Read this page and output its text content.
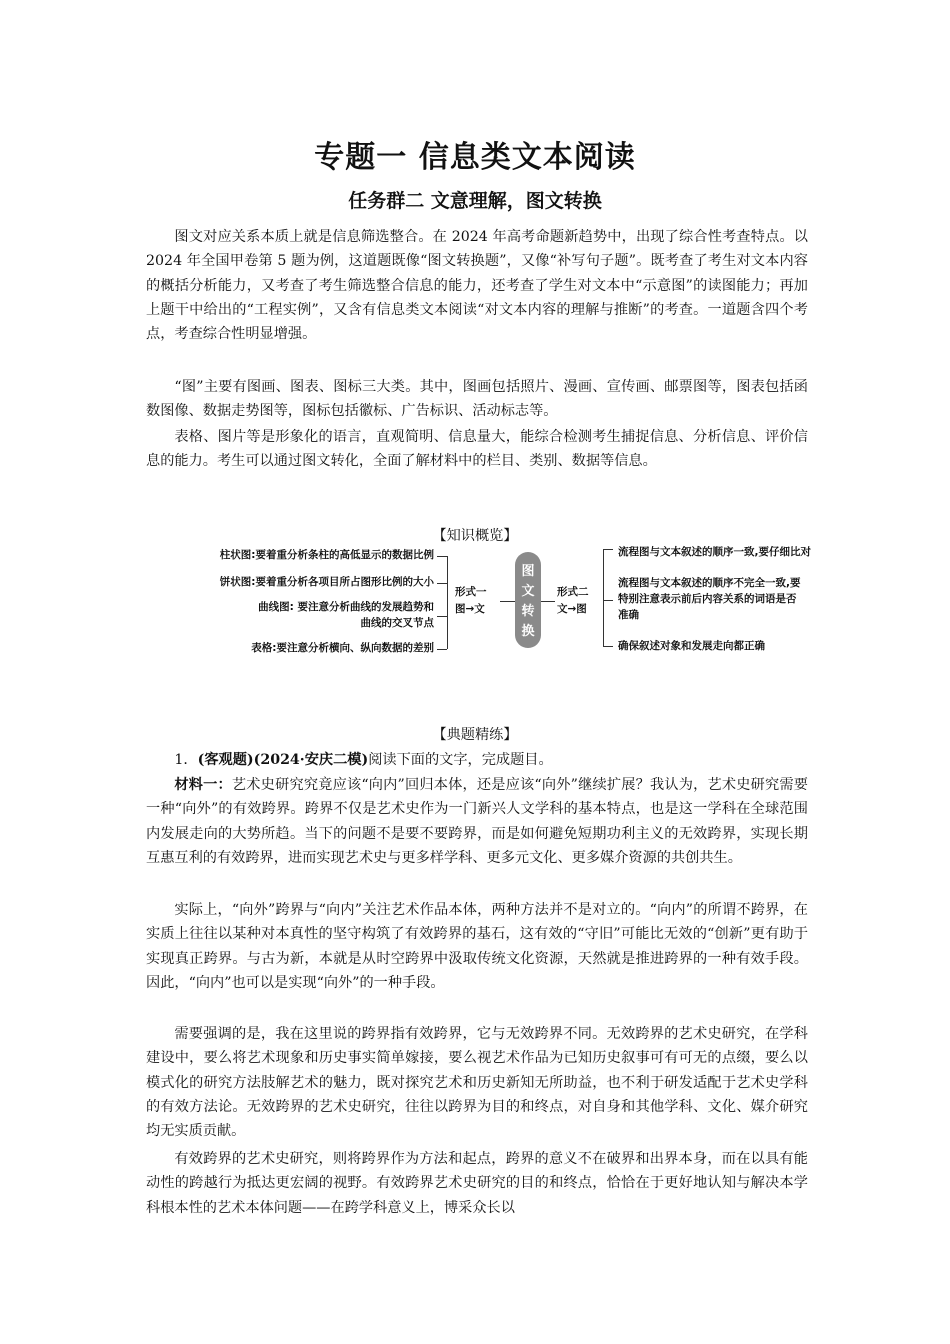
专题一 信息类文本阅读
任务群二 文意理解，图文转换

图文对应关系本质上就是信息筛选整合。在 2024 年高考命题新趋势中，出现了综合性考查特点。以 2024 年全国甲卷第 5 题为例，这道题既像“图文转换题”，又像“补写句子题”。既考查了考生对文本内容的概括分析能力，又考查了考生筛选整合信息的能力，还考查了学生对文本中“示意图”的读图能力；再加上题干中给出的“工程实例”，又含有信息类文本阅读“对文本内容的理解与推断”的考查。一道题含四个考点，考查综合性明显增强。

“图”主要有图画、图表、图标三大类。其中，图画包括照片、漫画、宣传画、邮票图等，图表包括函数图像、数据走势图等，图标包括徽标、广告标识、活动标志等。

表格、图片等是形象化的语言，直观简明、信息量大，能综合检测考生捕捉信息、分析信息、评价信息的能力。考生可以通过图文转化，全面了解材料中的栏目、类别、数据等信息。

【知识概览】

柱状图:要着重分析条柱的高低显示的数据比例

饼状图:要着重分析各项目所占图形比例的大小

曲线图: 要注意分析曲线的发展趋势和

曲线的交叉节点

表格:要注意分析横向、纵向数据的差别

形式一

图→文

图
文
转
换

形式二

文→图

流程图与文本叙述的顺序一致,要仔细比对

流程图与文本叙述的顺序不完全一致,要

特别注意表示前后内容关系的词语是否

准确

确保叙述对象和发展走向都正确

【典题精练】

1．(客观题)(2024·安庆二模)阅读下面的文字，完成题目。

材料一：艺术史研究究竟应该“向内”回归本体，还是应该“向外”继续扩展？我认为，艺术史研究需要一种“向外”的有效跨界。跨界不仅是艺术史作为一门新兴人文学科的基本特点，也是这一学科在全球范围内发展走向的大势所趋。当下的问题不是要不要跨界，而是如何避免短期功利主义的无效跨界，实现长期互惠互利的有效跨界，进而实现艺术史与更多样学科、更多元文化、更多媒介资源的共创共生。

实际上，“向外”跨界与“向内”关注艺术作品本体，两种方法并不是对立的。“向内”的所谓不跨界，在实质上往往以某种对本真性的坚守构筑了有效跨界的基石，这有效的“守旧”可能比无效的“创新”更有助于实现真正跨界。与古为新，本就是从时空跨界中汲取传统文化资源，天然就是推进跨界的一种有效手段。因此，“向内”也可以是实现“向外”的一种手段。

需要强调的是，我在这里说的跨界指有效跨界，它与无效跨界不同。无效跨界的艺术史研究，在学科建设中，要么将艺术现象和历史事实简单嫁接，要么视艺术作品为已知历史叙事可有可无的点缀，要么以模式化的研究方法肢解艺术的魅力，既对探究艺术和历史新知无所助益，也不利于研发适配于艺术史学科的有效方法论。无效跨界的艺术史研究，往往以跨界为目的和终点，对自身和其他学科、文化、媒介研究均无实质贡献。

有效跨界的艺术史研究，则将跨界作为方法和起点，跨界的意义不在破界和出界本身，而在以具有能动性的跨越行为抵达更宏阔的视野。有效跨界艺术史研究的目的和终点，恰恰在于更好地认知与解决本学科根本性的艺术本体问题——在跨学科意义上，博采众长以
